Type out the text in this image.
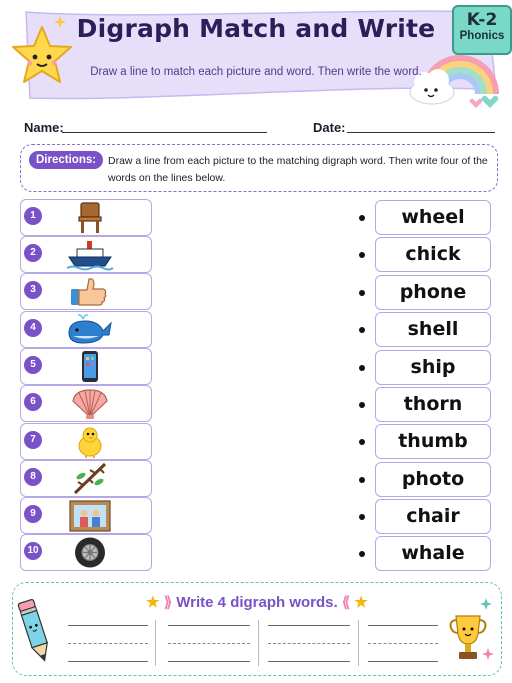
Digraph Match and Write
Draw a line to match each picture and word. Then write the word.
K-2
Phonics
Name:	Date:
Directions:	Draw a line from each picture to the matching digraph word. Then write four of the words on the lines below.
1
2
3
4
5
6
7
8
9
10
wheel
chick
phone
shell
ship
thorn
thumb
photo
chair
whale
★ ⟫ Write 4 digraph words. ⟪ ★
